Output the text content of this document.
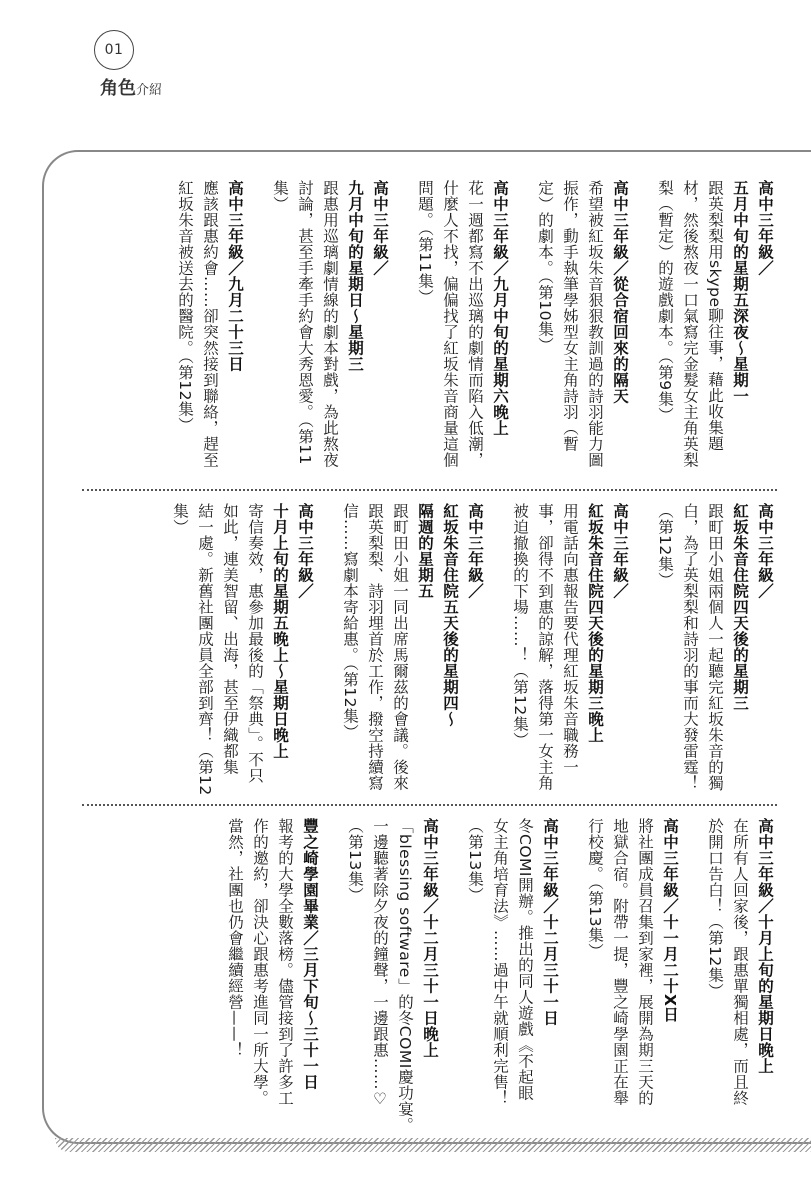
01
角色介紹
高中三年級／
五月中旬的星期五深夜～星期一
跟英梨梨用skype聊往事，藉此收集題
材，然後熬夜一口氣寫完金髮女主角英梨
梨（暫定）的遊戲劇本。（第9集）
高中三年級／從合宿回來的隔天
希望被紅坂朱音狠狠教訓過的詩羽能力圖
振作，動手執筆學姊型女主角詩羽（暫
定）的劇本。（第10集）
高中三年級／九月中旬的星期六晚上
花一週都寫不出巡璃的劇情而陷入低潮，
什麼人不找，偏偏找了紅坂朱音商量這個
問題。（第11集）
高中三年級／
九月中旬的星期日～星期三
跟惠用巡璃劇情線的劇本對戲，為此熬夜
討論，甚至手牽手約會大秀恩愛。（第11
集）
高中三年級／九月二十三日
應該跟惠約會……卻突然接到聯絡，趕至
紅坂朱音被送去的醫院。（第12集）
高中三年級／
紅坂朱音住院四天後的星期三
跟町田小姐兩個人一起聽完紅坂朱音的獨
白，為了英梨梨和詩羽的事而大發雷霆！
（第12集）
高中三年級／
紅坂朱音住院四天後的星期三晚上
用電話向惠報告要代理紅坂朱音職務一
事，卻得不到惠的諒解，落得第一女主角
被迫撤換的下場……！（第12集）
高中三年級／
紅坂朱音住院五天後的星期四～
隔週的星期五
跟町田小姐一同出席馬爾茲的會議。後來
跟英梨梨、詩羽埋首於工作，撥空持續寫
信……寫劇本寄給惠。（第12集）
高中三年級／
十月上旬的星期五晚上～星期日晚上
寄信奏效，惠參加最後的「祭典」。不只
如此，連美智留、出海，甚至伊織都集
結一處。新舊社團成員全部到齊！（第12
集）
高中三年級／十月上旬的星期日晚上
在所有人回家後，跟惠單獨相處，而且終
於開口告白！（第12集）
高中三年級／十一月二十X日
將社團成員召集到家裡，展開為期三天的
地獄合宿。附帶一提，豐之崎學園正在舉
行校慶。（第13集）
高中三年級／十二月三十一日
冬COMI開辦。推出的同人遊戲《不起眼
女主角培育法》……過中午就順利完售！
（第13集）
高中三年級／十二月三十一日晚上
「blessing software」的冬COMI慶功宴。
一邊聽著除夕夜的鐘聲，一邊跟惠……♡
（第13集）
豐之崎學園畢業／三月下旬～三十一日
報考的大學全數落榜。儘管接到了許多工
作的邀約，卻決心跟惠考進同一所大學。
當然，社團也仍會繼續經營——！
